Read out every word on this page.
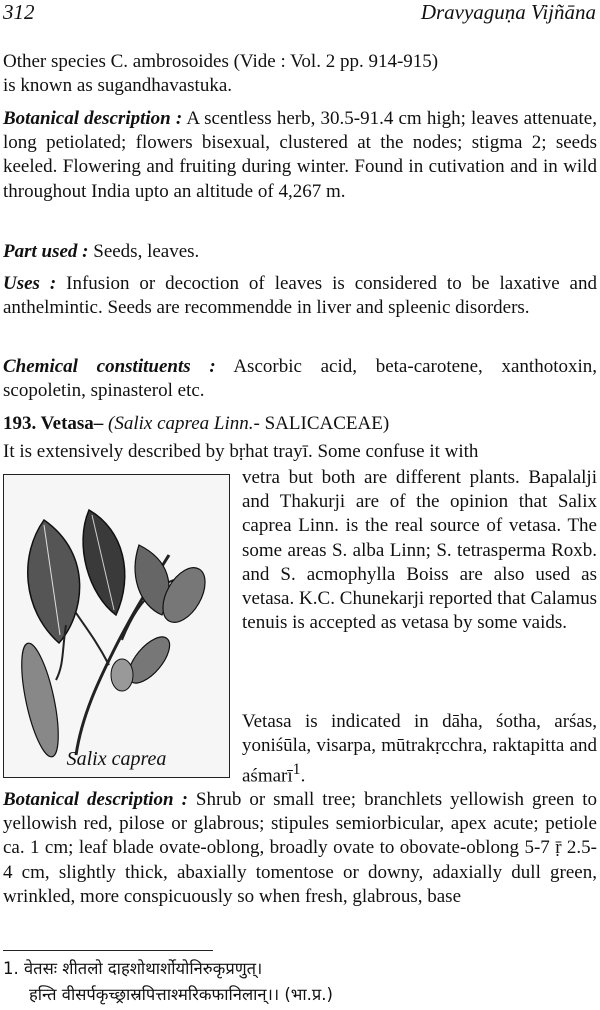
312	Dravyaguṇa Vijñāna
Other species C. ambrosoides (Vide : Vol. 2 pp. 914-915)
is known as sugandhavastuka.
Botanical description : A scentless herb, 30.5-91.4 cm high; leaves attenuate, long petiolated; flowers bisexual, clustered at the nodes; stigma 2; seeds keeled. Flowering and fruiting during winter. Found in cutivation and in wild throughout India upto an altitude of 4,267 m.
Part used : Seeds, leaves.
Uses : Infusion or decoction of leaves is considered to be laxative and anthelmintic. Seeds are recommendde in liver and spleenic disorders.
Chemical constituents : Ascorbic acid, beta-carotene, xanthotoxin, scopoletin, spinasterol etc.
193. Vetasa– (Salix caprea Linn.- SALICACEAE)
It is extensively described by bṛhat trayī. Some confuse it with
Salix caprea
vetra but both are different plants. Bapalalji and Thakurji are of the opinion that Salix caprea Linn. is the real source of vetasa. The some areas S. alba Linn; S. tetrasperma Roxb. and S. acmophylla Boiss are also used as vetasa. K.C. Chunekarji reported that Calamus tenuis is accepted as vetasa by some vaids.
Vetasa is indicated in dāha, śotha, arśas, yoniśūla, visarpa, mūtrakṛcchra, raktapitta and aśmarī$^1$.
Botanical description : Shrub or small tree; branchlets yellowish green to yellowish red, pilose or glabrous; stipules semiorbicular, apex acute; petiole ca. 1 cm; leaf blade ovate-oblong, broadly ovate to obovate-oblong 5-7 ṝ 2.5-4 cm, slightly thick, abaxially tomentose or downy, adaxially dull green, wrinkled, more conspicuously so when fresh, glabrous, base
1. वेतसः शीतलो दाहशोथार्शोयोनिरुकृप्रणुत्।
हन्ति वीसर्पकृच्छ्रास्रपित्ताश्मरिकफानिलान्।। (भा.प्र.)
